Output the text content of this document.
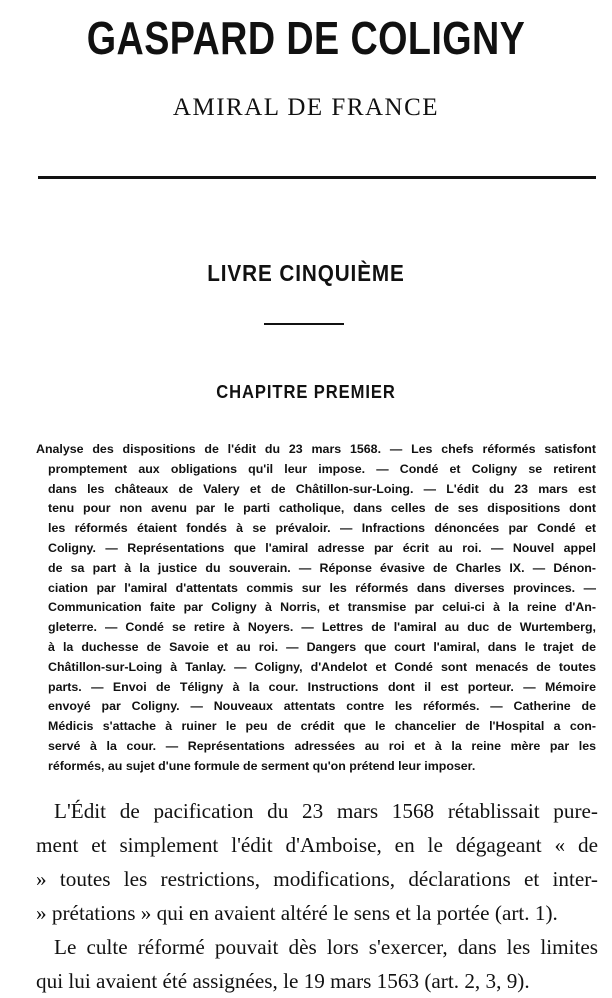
GASPARD DE COLIGNY
AMIRAL DE FRANCE
LIVRE CINQUIÈME
CHAPITRE PREMIER
Analyse des dispositions de l'édit du 23 mars 1568. — Les chefs réformés satisfont
promptement aux obligations qu'il leur impose. — Condé et Coligny se retirent
dans les châteaux de Valery et de Châtillon-sur-Loing. — L'édit du 23 mars est
tenu pour non avenu par le parti catholique, dans celles de ses dispositions dont
les réformés étaient fondés à se prévaloir. — Infractions dénoncées par Condé et
Coligny. — Représentations que l'amiral adresse par écrit au roi. — Nouvel appel
de sa part à la justice du souverain. — Réponse évasive de Charles IX. — Dénon-
ciation par l'amiral d'attentats commis sur les réformés dans diverses provinces. —
Communication faite par Coligny à Norris, et transmise par celui-ci à la reine d'An-
gleterre. — Condé se retire à Noyers. — Lettres de l'amiral au duc de Wurtemberg,
à la duchesse de Savoie et au roi. — Dangers que court l'amiral, dans le trajet de
Châtillon-sur-Loing à Tanlay. — Coligny, d'Andelot et Condé sont menacés de toutes
parts. — Envoi de Téligny à la cour. Instructions dont il est porteur. — Mémoire
envoyé par Coligny. — Nouveaux attentats contre les réformés. — Catherine de
Médicis s'attache à ruiner le peu de crédit que le chancelier de l'Hospital a con-
servé à la cour. — Représentations adressées au roi et à la reine mère par les
réformés, au sujet d'une formule de serment qu'on prétend leur imposer.
L'Édit de pacification du 23 mars 1568 rétablissait pure-
ment et simplement l'édit d'Amboise, en le dégageant « de
» toutes les restrictions, modifications, déclarations et inter-
» prétations » qui en avaient altéré le sens et la portée (art. 1).
Le culte réformé pouvait dès lors s'exercer, dans les limites
qui lui avaient été assignées, le 19 mars 1563 (art. 2, 3, 9).
